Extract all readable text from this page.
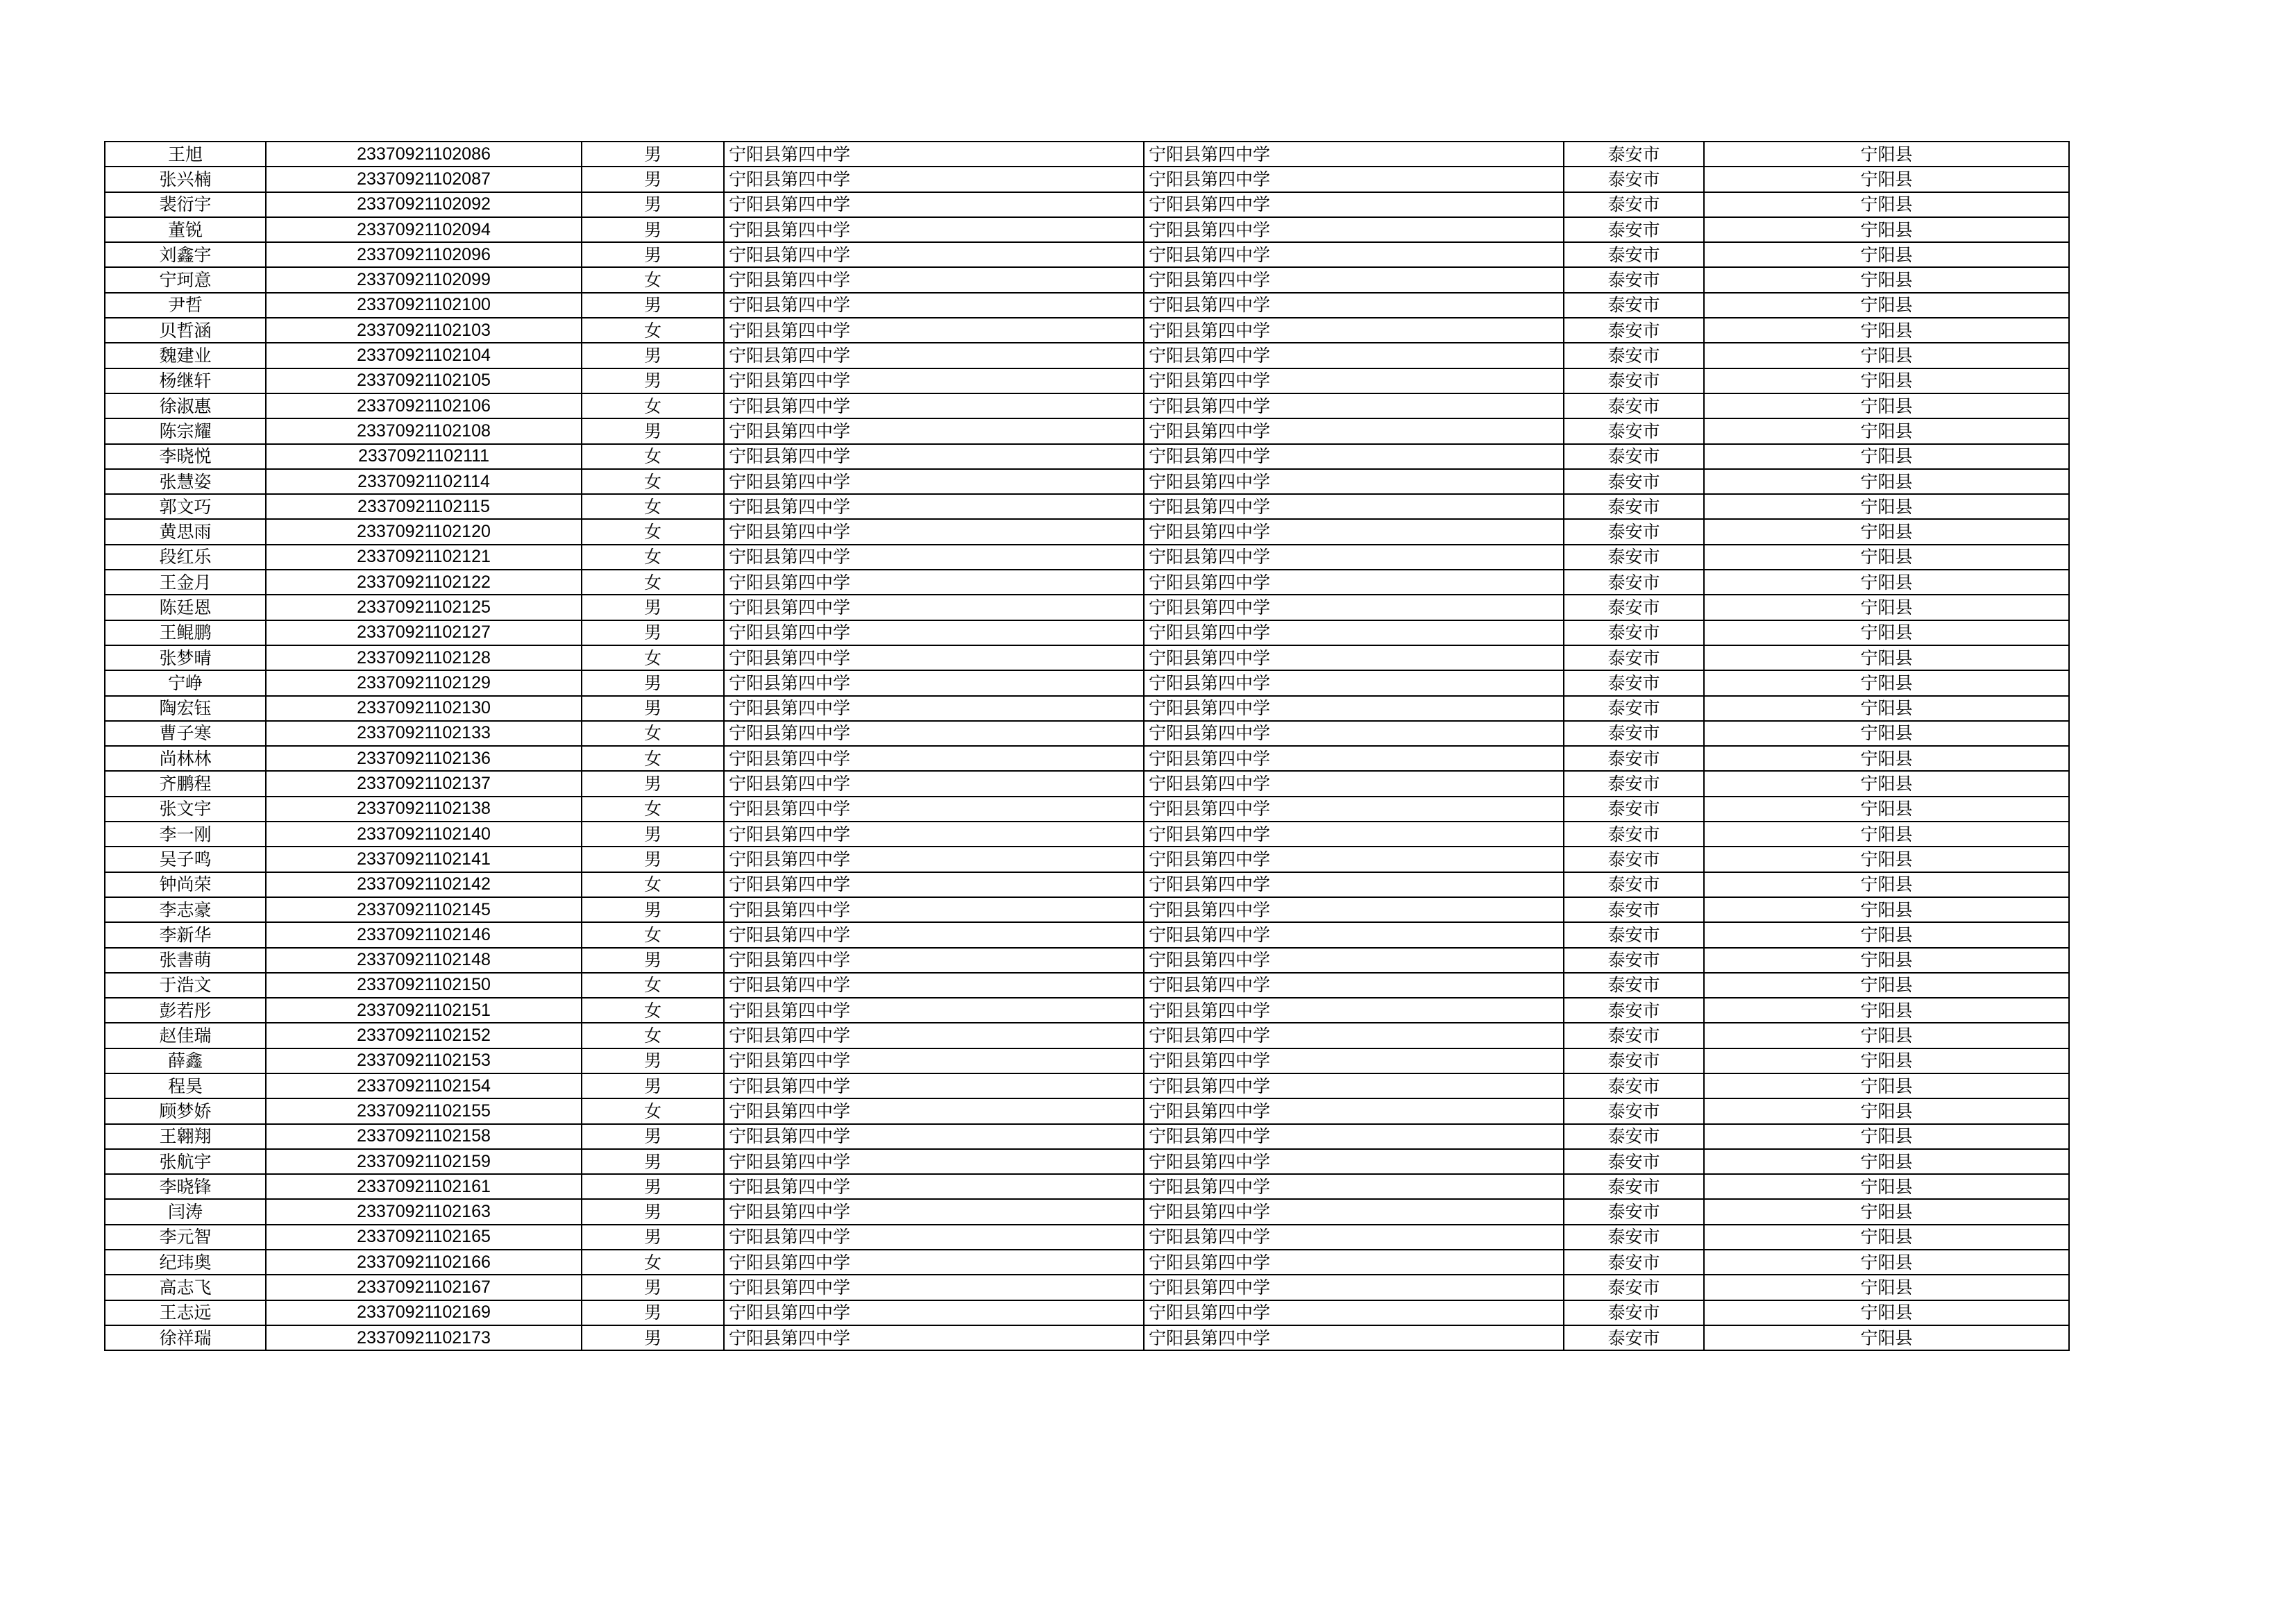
王旭	23370921102086	男	宁阳县第四中学	宁阳县第四中学	泰安市	宁阳县
张兴楠	23370921102087	男	宁阳县第四中学	宁阳县第四中学	泰安市	宁阳县
裴衍宇	23370921102092	男	宁阳县第四中学	宁阳县第四中学	泰安市	宁阳县
董锐	23370921102094	男	宁阳县第四中学	宁阳县第四中学	泰安市	宁阳县
刘鑫宇	23370921102096	男	宁阳县第四中学	宁阳县第四中学	泰安市	宁阳县
宁珂意	23370921102099	女	宁阳县第四中学	宁阳县第四中学	泰安市	宁阳县
尹哲	23370921102100	男	宁阳县第四中学	宁阳县第四中学	泰安市	宁阳县
贝哲涵	23370921102103	女	宁阳县第四中学	宁阳县第四中学	泰安市	宁阳县
魏建业	23370921102104	男	宁阳县第四中学	宁阳县第四中学	泰安市	宁阳县
杨继轩	23370921102105	男	宁阳县第四中学	宁阳县第四中学	泰安市	宁阳县
徐淑惠	23370921102106	女	宁阳县第四中学	宁阳县第四中学	泰安市	宁阳县
陈宗耀	23370921102108	男	宁阳县第四中学	宁阳县第四中学	泰安市	宁阳县
李晓悦	23370921102111	女	宁阳县第四中学	宁阳县第四中学	泰安市	宁阳县
张慧姿	23370921102114	女	宁阳县第四中学	宁阳县第四中学	泰安市	宁阳县
郭文巧	23370921102115	女	宁阳县第四中学	宁阳县第四中学	泰安市	宁阳县
黄思雨	23370921102120	女	宁阳县第四中学	宁阳县第四中学	泰安市	宁阳县
段红乐	23370921102121	女	宁阳县第四中学	宁阳县第四中学	泰安市	宁阳县
王金月	23370921102122	女	宁阳县第四中学	宁阳县第四中学	泰安市	宁阳县
陈廷恩	23370921102125	男	宁阳县第四中学	宁阳县第四中学	泰安市	宁阳县
王鲲鹏	23370921102127	男	宁阳县第四中学	宁阳县第四中学	泰安市	宁阳县
张梦晴	23370921102128	女	宁阳县第四中学	宁阳县第四中学	泰安市	宁阳县
宁峥	23370921102129	男	宁阳县第四中学	宁阳县第四中学	泰安市	宁阳县
陶宏钰	23370921102130	男	宁阳县第四中学	宁阳县第四中学	泰安市	宁阳县
曹子寒	23370921102133	女	宁阳县第四中学	宁阳县第四中学	泰安市	宁阳县
尚林林	23370921102136	女	宁阳县第四中学	宁阳县第四中学	泰安市	宁阳县
齐鹏程	23370921102137	男	宁阳县第四中学	宁阳县第四中学	泰安市	宁阳县
张文宇	23370921102138	女	宁阳县第四中学	宁阳县第四中学	泰安市	宁阳县
李一刚	23370921102140	男	宁阳县第四中学	宁阳县第四中学	泰安市	宁阳县
吴子鸣	23370921102141	男	宁阳县第四中学	宁阳县第四中学	泰安市	宁阳县
钟尚荣	23370921102142	女	宁阳县第四中学	宁阳县第四中学	泰安市	宁阳县
李志豪	23370921102145	男	宁阳县第四中学	宁阳县第四中学	泰安市	宁阳县
李新华	23370921102146	女	宁阳县第四中学	宁阳县第四中学	泰安市	宁阳县
张書萌	23370921102148	男	宁阳县第四中学	宁阳县第四中学	泰安市	宁阳县
于浩文	23370921102150	女	宁阳县第四中学	宁阳县第四中学	泰安市	宁阳县
彭若彤	23370921102151	女	宁阳县第四中学	宁阳县第四中学	泰安市	宁阳县
赵佳瑞	23370921102152	女	宁阳县第四中学	宁阳县第四中学	泰安市	宁阳县
薛鑫	23370921102153	男	宁阳县第四中学	宁阳县第四中学	泰安市	宁阳县
程昊	23370921102154	男	宁阳县第四中学	宁阳县第四中学	泰安市	宁阳县
顾梦娇	23370921102155	女	宁阳县第四中学	宁阳县第四中学	泰安市	宁阳县
王翱翔	23370921102158	男	宁阳县第四中学	宁阳县第四中学	泰安市	宁阳县
张航宇	23370921102159	男	宁阳县第四中学	宁阳县第四中学	泰安市	宁阳县
李晓锋	23370921102161	男	宁阳县第四中学	宁阳县第四中学	泰安市	宁阳县
闫涛	23370921102163	男	宁阳县第四中学	宁阳县第四中学	泰安市	宁阳县
李元智	23370921102165	男	宁阳县第四中学	宁阳县第四中学	泰安市	宁阳县
纪玮奥	23370921102166	女	宁阳县第四中学	宁阳县第四中学	泰安市	宁阳县
高志飞	23370921102167	男	宁阳县第四中学	宁阳县第四中学	泰安市	宁阳县
王志远	23370921102169	男	宁阳县第四中学	宁阳县第四中学	泰安市	宁阳县
徐祥瑞	23370921102173	男	宁阳县第四中学	宁阳县第四中学	泰安市	宁阳县
